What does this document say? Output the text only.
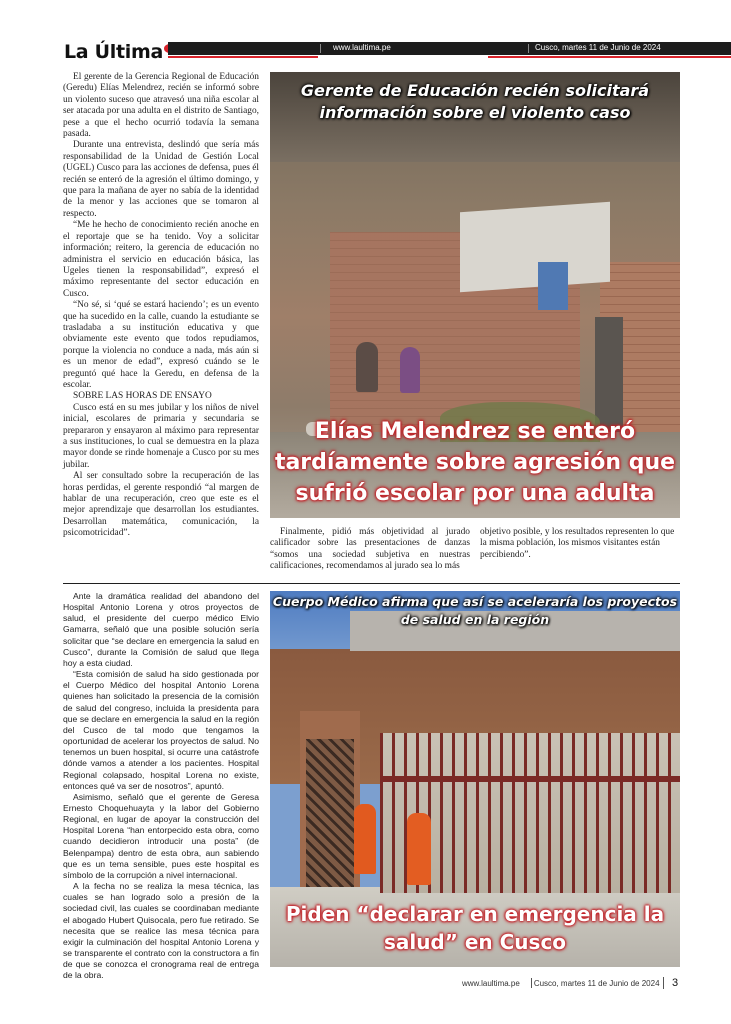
La Última	www.laultima.pe	Cusco, martes 11 de Junio de 2024

El gerente de la Gerencia Regional de Educación (Geredu) Elías Melendrez, recién se informó sobre un violento suceso que atravesó una niña escolar al ser atacada por una adulta en el distrito de Santiago, pese a que el hecho ocurrió todavía la semana pasada.

Durante una entrevista, deslindó que sería más responsabilidad de la Unidad de Gestión Local (UGEL) Cusco para las acciones de defensa, pues él recién se enteró de la agresión el último domingo, y que para la mañana de ayer no sabía de la identidad de la menor y las acciones que se tomaron al respecto.

“Me he hecho de conocimiento recién anoche en el reportaje que se ha tenido. Voy a solicitar información; reitero, la gerencia de educación no administra el servicio en educación básica, las Ugeles tienen la responsabilidad”, expresó el máximo representante del sector educación en Cusco.

“No sé, si ‘qué se estará haciendo’; es un evento que ha sucedido en la calle, cuando la estudiante se trasladaba a su institución educativa y que obviamente este evento que todos repudiamos, porque la violencia no conduce a nada, más aún si es un menor de edad”, expresó cuándo se le preguntó qué hace la Geredu, en defensa de la escolar.

SOBRE LAS HORAS DE ENSAYO

Cusco está en su mes jubilar y los niños de nivel inicial, escolares de primaria y secundaria se prepararon y ensayaron al máximo para representar a sus instituciones, lo cual se demuestra en la plaza mayor donde se rinde homenaje a Cusco por su mes jubilar.

Al ser consultado sobre la recuperación de las horas perdidas, el gerente respondió “al margen de hablar de una recuperación, creo que este es el mejor aprendizaje que desarrollan los estudiantes. Desarrollan matemática, comunicación, la psicomotricidad”.

Gerente de Educación recién solicitará información sobre el violento caso
Elías Melendrez se enteró tardíamente sobre agresión que sufrió escolar por una adulta

Finalmente, pidió más objetividad al jurado calificador sobre las presentaciones de danzas “somos una sociedad subjetiva en nuestras calificaciones, recomendamos al jurado sea lo más

objetivo posible, y los resultados representen lo que la misma población, los mismos visitantes están percibiendo”.

Ante la dramática realidad del abandono del Hospital Antonio Lorena y otros proyectos de salud, el presidente del cuerpo médico Elvio Gamarra, señaló que una posible solución sería solicitar que “se declare en emergencia la salud en Cusco”, durante la Comisión de salud que llega hoy a esta ciudad.

“Esta comisión de salud ha sido gestionada por el Cuerpo Médico del hospital Antonio Lorena quienes han solicitado la presencia de la comisión de salud del congreso, incluida la presidenta para que se declare en emergencia la salud en la región del Cusco de tal modo que tengamos la oportunidad de acelerar los proyectos de salud. No tenemos un buen hospital, si ocurre una catástrofe dónde vamos a atender a los pacientes. Hospital Regional colapsado, hospital Lorena no existe, entonces qué va ser de nosotros”, apuntó.

Asimismo, señaló que el gerente de Geresa Ernesto Choquehuayta y la labor del Gobierno Regional, en lugar de apoyar la construcción del Hospital Lorena “han entorpecido esta obra, como cuando decidieron introducir una posta” (de Belenpampa) dentro de esta obra, aun sabiendo que es un tema sensible, pues este hospital es símbolo de la corrupción a nivel internacional.

A la fecha no se realiza la mesa técnica, las cuales se han logrado solo a presión de la sociedad civil, las cuales se coordinaban mediante el abogado Hubert Quisocala, pero fue retirado. Se necesita que se realice las mesa técnica para exigir la culminación del hospital Antonio Lorena y se transparente el contrato con la constructora a fin de que se conozca el cronograma real de entrega de la obra.

Cuerpo Médico afirma que así se aceleraría los proyectos de salud en la región
Piden “declarar en emergencia la salud” en Cusco
www.laultima.pe Cusco, martes 11 de Junio de 2024 3
